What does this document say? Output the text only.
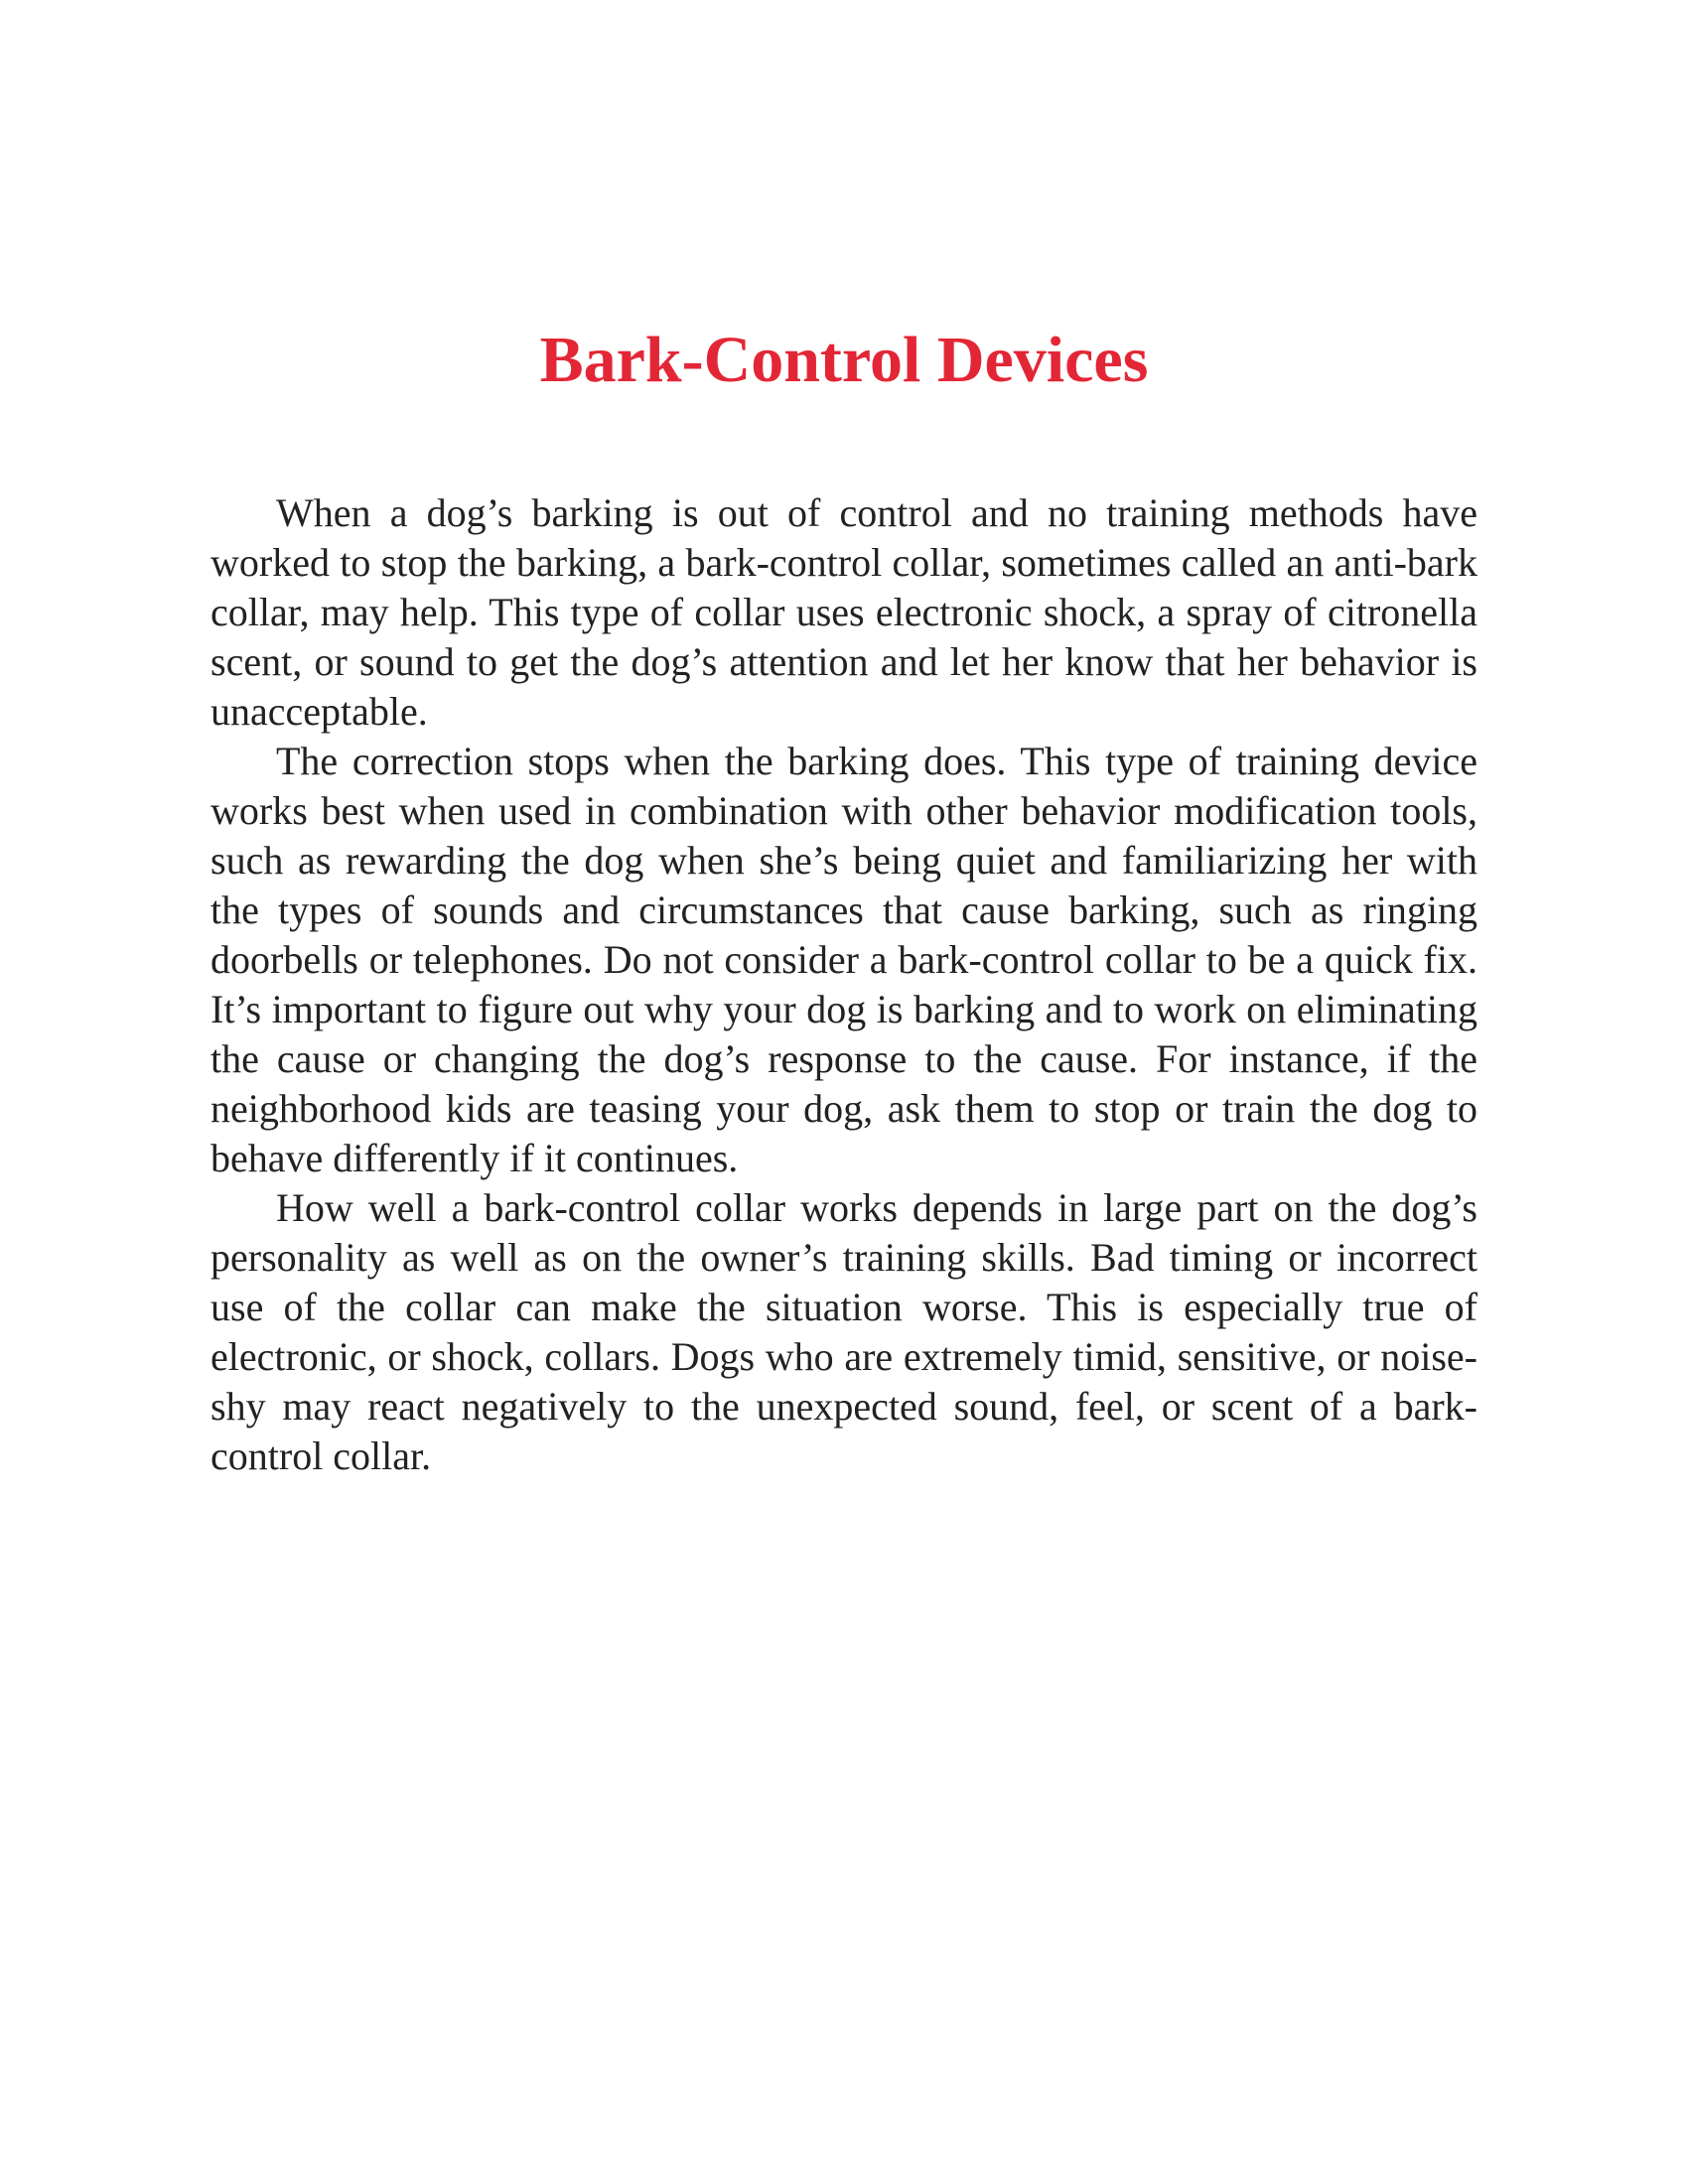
Bark-Control Devices

When a dog’s barking is out of control and no training methods have worked to stop the barking, a bark-control collar, sometimes called an anti-bark collar, may help. This type of collar uses electronic shock, a spray of citronella scent, or sound to get the dog’s attention and let her know that her behavior is unacceptable.

The correction stops when the barking does. This type of training device works best when used in combination with other behavior modification tools, such as rewarding the dog when she’s being quiet and familiarizing her with the types of sounds and circumstances that cause barking, such as ringing doorbells or telephones. Do not consider a bark-control collar to be a quick fix. It’s important to figure out why your dog is barking and to work on eliminating the cause or changing the dog’s response to the cause. For instance, if the neighborhood kids are teasing your dog, ask them to stop or train the dog to behave differently if it continues.

How well a bark-control collar works depends in large part on the dog’s personality as well as on the owner’s training skills. Bad timing or incorrect use of the collar can make the situation worse. This is especially true of electronic, or shock, collars. Dogs who are extremely timid, sensitive, or noise-shy may react negatively to the unexpected sound, feel, or scent of a bark-control collar.
